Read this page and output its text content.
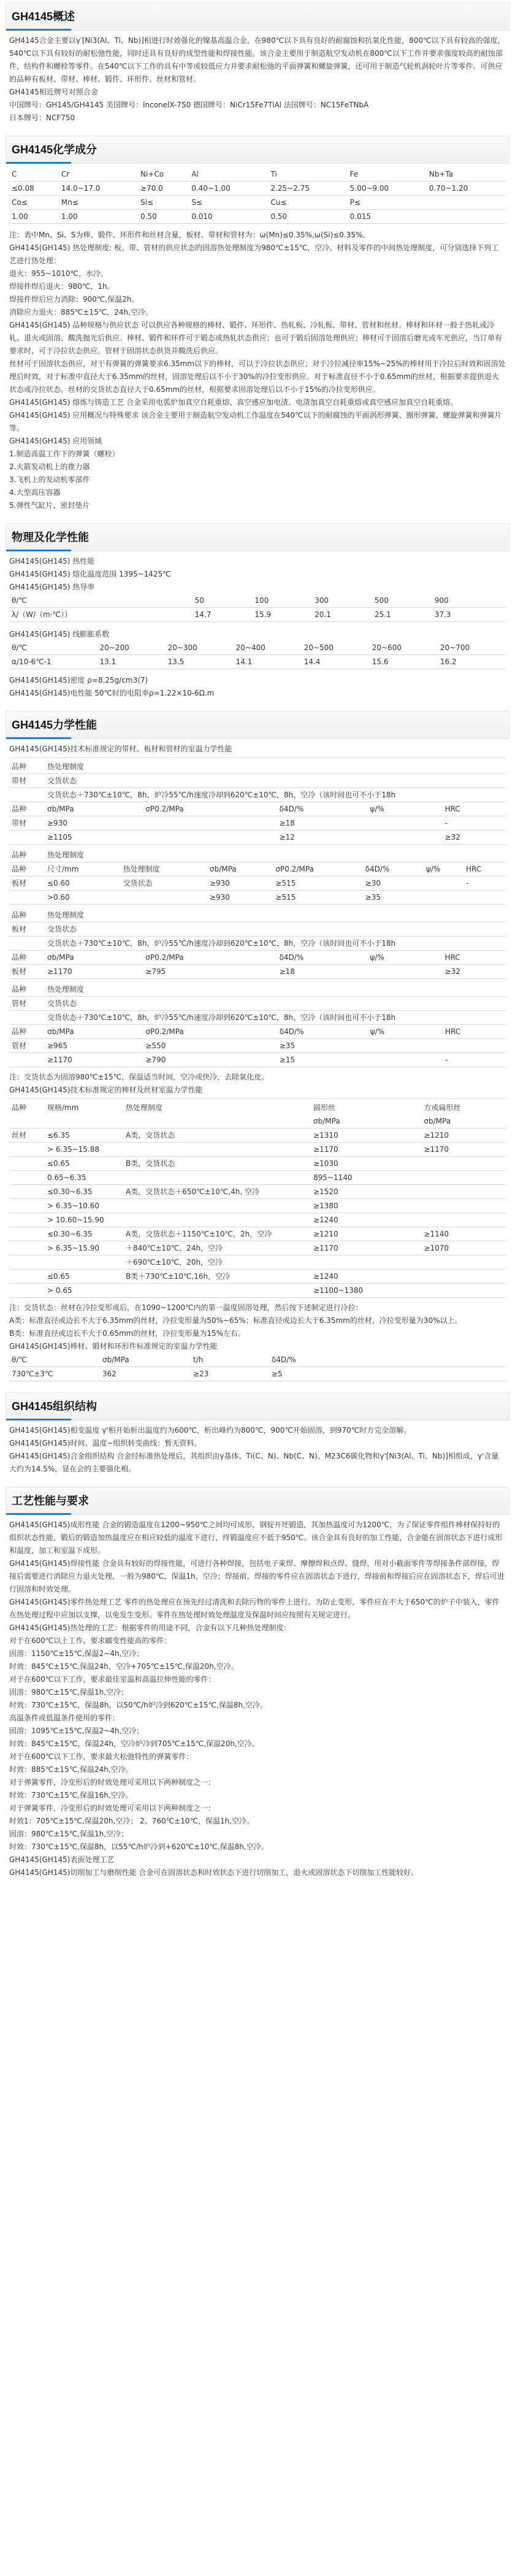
GH4145概述

GH4145合金主要以γ′[Ni3(Al、Ti、Nb)]相进行时效强化的镍基高温合金，在980℃以下具有良好的耐腐蚀和抗氧化性能，800℃以下具有较高的强度，540℃以下具有较好的耐松弛性能，同时还具有良好的成型性能和焊接性能。该合金主要用于制造航空发动机在800℃以下工作并要求强度较高的耐蚀部件，结构件和螺栓等零件。在540℃以下工作的具有中等或较低应力并要求耐松弛的平面弹簧和螺旋弹簧，还可用于制造气轮机涡轮叶片等零件。可供应的品种有板材、带材、棒材、锻件、环形件、丝材和管材。

GH4145相近牌号对照合金

中国牌号：GH145/GH4145 美国牌号：InconelX-750 德国牌号：NiCr15Fe7TiAl 法国牌号：NC15FeTNbA

日本牌号：NCF750

GH4145化学成分
C	Cr	Ni+Co	Al	Ti	Fe	Nb+Ta
≤0.08	14.0~17.0	≥70.0	0.40~1.00	2.25~2.75	5.00~9.00	0.70~1.20
Co≤	Mn≤	Si≤	S≤	Cu≤	P≤	
1.00	1.00	0.50	0.010	0.50	0.015	

注：表中Mn、Si、S为棒、锻件、环形件和丝材含量，板材、带材和管材为：ω(Mn)≤0.35%,ω(Si)≤0.35%。

GH4145(GH145) 热处理制度: 板、带、管材的供应状态的固溶热处理制度为980℃±15℃，空冷。材料及零件的中间热处理制度，可分别选择下列工艺进行热处理：

退火：955~1010℃，水冷。

焊接件焊后退火：980℃，1h。

焊接件焊后应力消除：900℃,保温2h。

消除应力退火：885℃±15℃，24h,空冷。

GH4145(GH145) 品种规格与供应状态 可以供应各种规格的棒材、锻件、环形件、热轧板、冷轧板、带材、管材和丝材。棒材和环材一般于热轧或冷轧、退火或固溶、酸洗抛光后供应。棒材、锻件和环件可于锻态或热轧状态供应；也可于锻后固溶处理供应；棒材可于固溶后磨光或车光供应，当订单有要求时，可于冷拉状态供应。管材于固溶状态供货并酸洗后供应。

丝材可于固溶状态供应，对于有弹簧的弹簧要求6.35mm以下的棒材，可以于冷拉状态供应；对于冷拉减径率15%~25%的棒材用于冷拉后时效和固溶处理后时效，对于标准中直径大于6.35mm的丝材，固溶处理后以不小于30%的冷拉变形供应。对于标准直径不小于0.65mm的丝材，根据要求提供退火状态或冷拉状态。丝材的交货状态直径大于0.65mm的丝材，根据要求固溶处理后以不小于15%的冷拉变形供应。

GH4145(GH145) 熔炼与铸造工艺 合金采用电弧炉加真空自耗重熔、真空感应加电渣、电渣加真空自耗重熔或真空感应加真空自耗重熔。

GH4145(GH145) 应用概况与特殊要求 该合金主要用于制造航空发动机工作温度在540℃以下的耐腐蚀的平面涡形弹簧、圈形弹簧、螺旋弹簧和弹簧片等。

GH4145(GH145) 应用领域

1.制造高温工作下的弹簧（螺栓）

2.火箭发动机上的推力器

3.飞机上的发动机零部件

4.大型高压容器

5.弹性气缸片，密封垫片

物理及化学性能

GH4145(GH145) 热性能

GH4145(GH145) 熔化温度范围 1395~1425℃

GH4145(GH145) 热导率

θ/℃	50	100	300	500	900	
λ/（W/（m·℃））	14.7	15.9	20.1	25.1	37.3	

GH4145(GH145) 线膨胀系数

θ/℃	20~200	20~300	20~400	20~500	20~600	20~700
α/10-6℃-1	13.1	13.5	14.1	14.4	15.6	16.2

GH4145(GH145)密度 ρ=8.25g/cm3(7)

GH4145(GH145)电性能 50℃时的电阻率ρ=1.22×10-6Ω.m

GH4145力学性能

GH4145(GH145)技术标准规定的带材、板材和管材的室温力学性能

品种	热处理制度					
带材	交货状态					
	交货状态＋730℃±10℃，8h，炉冷55℃/h速度冷却到620℃±10℃，8h，空冷（该时间也可不小于18h					
品种	σb/MPa	σP0.2/MPa	δ4D/%	ψ/%		HRC
带材	≥930		≥18			-
	≥1105		≥12			≥32
品种	热处理制度						
品种	尺寸/mm	热处理制度	σb/MPa	σP0.2/MPa	δ4D/%	ψ/%	HRC
板材	≤0.60	交货状态	≥930	≥515	≥30		-
	>0.60		≥930	≥515	≥35		
品种	热处理制度					
板材	交货状态					
	交货状态＋730℃±10℃，8h，炉冷55℃/h速度冷却到620℃±10℃，8h，空冷（该时间也可不小于18h					
品种	σb/MPa	σP0.2/MPa	δ4D/%	ψ/%		HRC
板材	≥1170	≥795	≥18			≥32
品种	热处理制度					
管材	交货状态					
	交货状态＋730℃±10℃，8h，炉冷55℃/h速度冷却到620℃±10℃，8h，空冷（该时间也可不小于18h					
品种	σb/MPa	σP0.2/MPa	δ4D/%	ψ/%		HRC
管材	≥965	≥550	≥35			
	≥1170	≥790	≥15			-

注：交货状态为固溶980℃±15℃，保温适当时间，空冷或快冷，去除氧化皮。

GH4145(GH145)技术标准规定的棒材及丝材室温力学性能

品种	规格/mm	热处理制度		圆形丝	方或扁形丝
				σb/MPa	σb/MPa
丝材	≤6.35	A类，交货状态		≥1310	≥1210
	> 6.35~15.88			≥1170	≥1170
	≤0.65	B类，交货状态		≥1030	
	0.65~6.35			895~1140	
	≤0.30~6.35	A类，交货状态＋650℃±10℃,4h, 空冷		≥1520	
	> 6.35~10.60			≥1380	
	> 10.60~15.90			≥1240	
	≤0.30~6.35	A类，交货状态＋1150℃±10℃，2h，空冷		≥1210	≥1140
	> 6.35~15.90	＋840℃±10℃，24h，空冷		≥1170	≥1070
		＋690℃±10℃，20h，空冷			
	≤0.65	B类＋730℃±10℃,16h，空冷		≥1240	
	> 0.65			≥1100~1380	

注：交货状态：丝材在冷拉变形或后，在1090~1200℃内的第一温度固溶处理，然后按下述制定进行冷拉：

A类：标准直径或边长不大于6.35mm的丝材，冷拉变形量为50%~65%；标准直径或边长大于6.35mm的丝材，冷拉变形量为30%以上。

B类：标准直径或边长不大于0.65mm的丝材，冷拉变形量为15%左右。

GH4145(GH145)棒材、锻材和环形件标准规定的室温力学性能

θ/℃	σb/MPa	t/h	δ4D/%
730℃±3℃	362	≥23	≥5
GH4145组织结构

GH4145(GH145)相变温度 γ'相开始析出温度约为600℃，析出峰约为800℃，900℃开始固溶，到970℃时方完全溶解。

GH4145(GH145)时间、温度~组织转变曲线：暂无资料。

GH4145(GH145)合金组织结构 合金经标准热处理后，其组织由γ基体、Ti(C、N)、Nb(C、N)、M23C6碳化物和γ'[Ni3(Al、Ti、Nb)]相组成，γ'含量大约为14.5%，显在会的主要强化相。

工艺性能与要求

GH4145(GH145)成形性能 合金的锻造温度在1200~950℃之间均可成形，钢锭开坯锻造，其加热温度可为1200℃，为了保证零件组件棒材保持好的组织状态性能，锻后的锻造加热温度应在相应较低的温度下进行，终锻温度应不低于950℃。该合金具有良好的加工性能，合金能在固溶状态下进行成形和温度，加工和室温下成形。

GH4145(GH145)焊接性能 合金具有较好的焊接性能，可进行各种焊接，包括电子束焊、摩擦焊和点焊、缝焊，用对小截面零件等焊接条件部焊接，焊接后需要进行消除应力退火处理，一般为980℃，保温1h，空冷；焊接前，焊接的零件应在固溶状态下进行，焊接前和焊接后应在固溶状态下，焊后可进行固溶和时效处理。

GH4145(GH145)零件热处理工艺 零件的热处理应在预先经过清洗和去除污物的零件上进行。为防止变形，零件应在不大于650℃的炉子中装入，零件在热处理过程中应加以支撑，以免发生变形。零件在热处理时效处理温度及保温时间应按照有关规定进行。

GH4145(GH145)热处理的工艺：根据零件的用途不同，合金有以下几种热处理制度：

对于在600℃以上工作、要求蠕变性能高的零件：

固溶：1150℃±15℃,保温2~4h,空冷；

时效：845℃±15℃,保温24h，空冷+705℃±15℃,保温20h,空冷。

对于在600℃以下工作，要求最佳室温和高温拉伸性能的零件：

固溶：980℃±15℃,保温1h,空冷；

时效：730℃±15℃，保温8h，以50℃/h炉冷到620℃±15℃,保温8h,空冷。

高温条件或低温条件使用的零件：

固溶：1095℃±15℃,保温2~4h,空冷；

时效：845℃±15℃，保温24h，空冷炉冷到705℃±15℃,保温20h,空冷。

对于在600℃以下工作，要求最大松弛特性的弹簧零件：

时效：885℃±15℃,保温24h,空冷。

对于弹簧零件，冷变形后的时效处理可采用以下两种制度之一：

时效：730℃±15℃,保温16h,空冷。

对于弹簧零件，冷变形后的时效处理可采用以下两种制度之一：

时效1：705℃±15℃,保温20h,空冷； 2、760℃±10℃，保温1h,空冷。

固溶：980℃±15℃,保温1h,空冷；

时效：730℃±15℃,保温8h，以55℃/h炉冷到+620℃±10℃,保温8h,空冷。

GH4145(GH145)表面处理工艺

GH4145(GH145)切削加工与磨削性能 合金可在固溶状态和时效状态下进行切削加工，退火或固溶状态下切削加工性能较好。
